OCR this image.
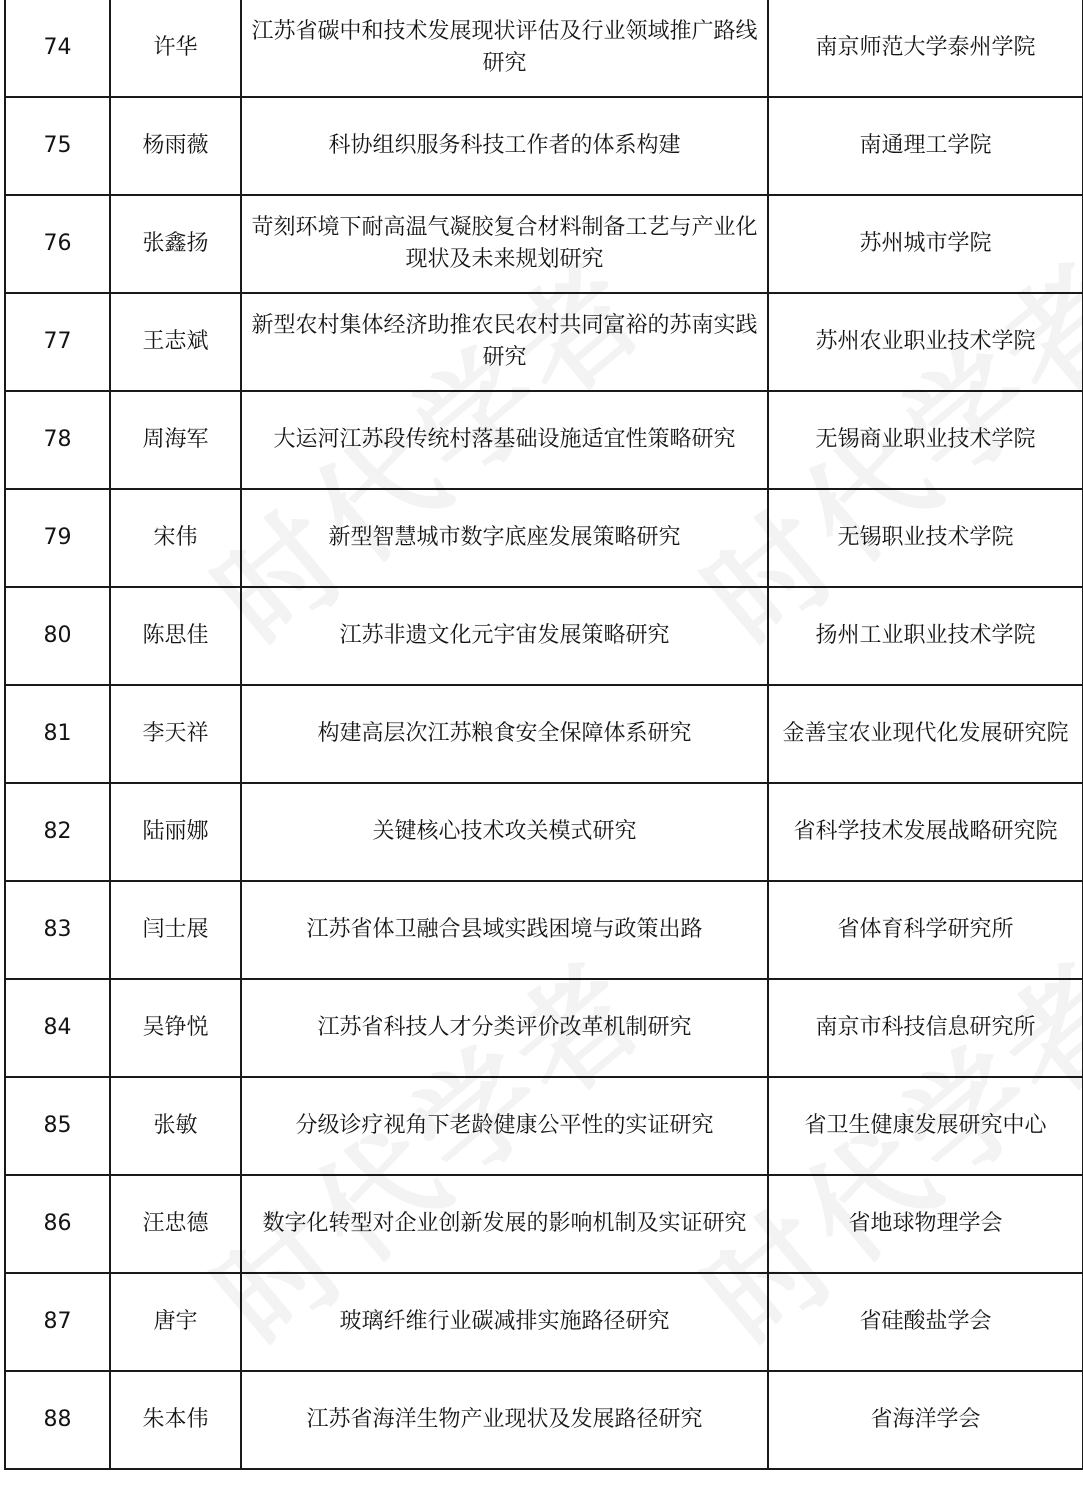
74	许华	江苏省碳中和技术发展现状评估及行业领域推广路线研究	南京师范大学泰州学院
75	杨雨薇	科协组织服务科技工作者的体系构建	南通理工学院
76	张鑫扬	苛刻环境下耐高温气凝胶复合材料制备工艺与产业化现状及未来规划研究	苏州城市学院
77	王志斌	新型农村集体经济助推农民农村共同富裕的苏南实践研究	苏州农业职业技术学院
78	周海军	大运河江苏段传统村落基础设施适宜性策略研究	无锡商业职业技术学院
79	宋伟	新型智慧城市数字底座发展策略研究	无锡职业技术学院
80	陈思佳	江苏非遗文化元宇宙发展策略研究	扬州工业职业技术学院
81	李天祥	构建高层次江苏粮食安全保障体系研究	金善宝农业现代化发展研究院
82	陆丽娜	关键核心技术攻关模式研究	省科学技术发展战略研究院
83	闫士展	江苏省体卫融合县域实践困境与政策出路	省体育科学研究所
84	吴铮悦	江苏省科技人才分类评价改革机制研究	南京市科技信息研究所
85	张敏	分级诊疗视角下老龄健康公平性的实证研究	省卫生健康发展研究中心
86	汪忠德	数字化转型对企业创新发展的影响机制及实证研究	省地球物理学会
87	唐宇	玻璃纤维行业碳减排实施路径研究	省硅酸盐学会
88	朱本伟	江苏省海洋生物产业现状及发展路径研究	省海洋学会
